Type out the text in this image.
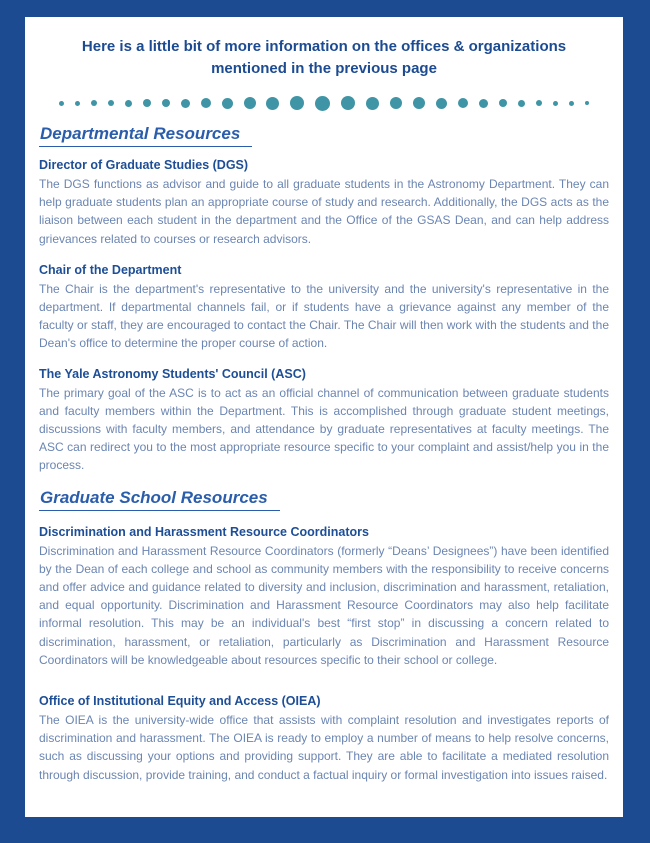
Here is a little bit of more information on the offices & organizations
mentioned in the previous page
Departmental Resources
Director of Graduate Studies (DGS)

The DGS functions as advisor and guide to all graduate students in the Astronomy Department. They can help graduate students plan an appropriate course of study and research. Additionally, the DGS acts as the liaison between each student in the department and the Office of the GSAS Dean, and can help address grievances related to courses or research advisors.

Chair of the Department

The Chair is the department's representative to the university and the university's representative in the department. If departmental channels fail, or if students have a grievance against any member of the faculty or staff, they are encouraged to contact the Chair. The Chair will then work with the students and the Dean's office to determine the proper course of action.

The Yale Astronomy Students' Council (ASC)

The primary goal of the ASC is to act as an official channel of communication between graduate students and faculty members within the Department. This is accomplished through graduate student meetings, discussions with faculty members, and attendance by graduate representatives at faculty meetings. The ASC can redirect you to the most appropriate resource specific to your complaint and assist/help you in the process.

Graduate School Resources
Discrimination and Harassment Resource Coordinators

Discrimination and Harassment Resource Coordinators (formerly “Deans’ Designees”) have been identified by the Dean of each college and school as community members with the responsibility to receive concerns and offer advice and guidance related to diversity and inclusion, discrimination and harassment, retaliation, and equal opportunity. Discrimination and Harassment Resource Coordinators may also help facilitate informal resolution. This may be an individual's best “first stop” in discussing a concern related to discrimination, harassment, or retaliation, particularly as Discrimination and Harassment Resource Coordinators will be knowledgeable about resources specific to their school or college.

Office of Institutional Equity and Access (OIEA)

The OIEA is the university-wide office that assists with complaint resolution and investigates reports of discrimination and harassment. The OIEA is ready to employ a number of means to help resolve concerns, such as discussing your options and providing support. They are able to facilitate a mediated resolution through discussion, provide training, and conduct a factual inquiry or formal investigation into issues raised.
